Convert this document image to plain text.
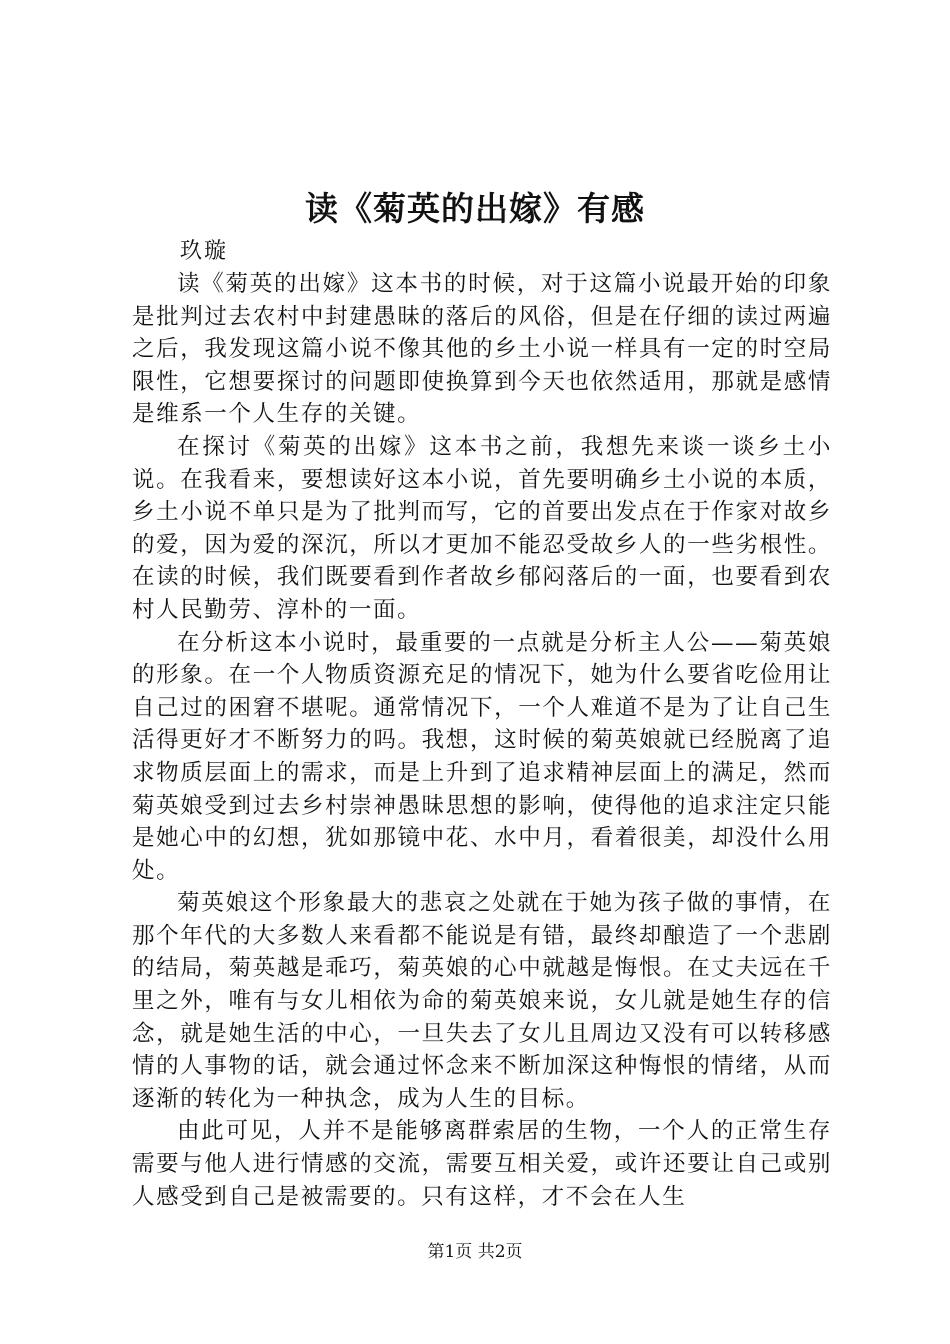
读《菊英的出嫁》有感
玖璇

读《菊英的出嫁》这本书的时候，对于这篇小说最开始的印象是批判过去农村中封建愚昧的落后的风俗，但是在仔细的读过两遍之后，我发现这篇小说不像其他的乡土小说一样具有一定的时空局限性，它想要探讨的问题即使换算到今天也依然适用，那就是感情是维系一个人生存的关键。

在探讨《菊英的出嫁》这本书之前，我想先来谈一谈乡土小说。在我看来，要想读好这本小说，首先要明确乡土小说的本质，乡土小说不单只是为了批判而写，它的首要出发点在于作家对故乡的爱，因为爱的深沉，所以才更加不能忍受故乡人的一些劣根性。在读的时候，我们既要看到作者故乡郁闷落后的一面，也要看到农村人民勤劳、淳朴的一面。

在分析这本小说时，最重要的一点就是分析主人公——菊英娘的形象。在一个人物质资源充足的情况下，她为什么要省吃俭用让自己过的困窘不堪呢。通常情况下，一个人难道不是为了让自己生活得更好才不断努力的吗。我想，这时候的菊英娘就已经脱离了追求物质层面上的需求，而是上升到了追求精神层面上的满足，然而菊英娘受到过去乡村崇神愚昧思想的影响，使得他的追求注定只能是她心中的幻想，犹如那镜中花、水中月，看着很美，却没什么用处。

菊英娘这个形象最大的悲哀之处就在于她为孩子做的事情，在那个年代的大多数人来看都不能说是有错，最终却酿造了一个悲剧的结局，菊英越是乖巧，菊英娘的心中就越是悔恨。在丈夫远在千里之外，唯有与女儿相依为命的菊英娘来说，女儿就是她生存的信念，就是她生活的中心，一旦失去了女儿且周边又没有可以转移感情的人事物的话，就会通过怀念来不断加深这种悔恨的情绪，从而逐渐的转化为一种执念，成为人生的目标。

由此可见，人并不是能够离群索居的生物，一个人的正常生存需要与他人进行情感的交流，需要互相关爱，或许还要让自己或别人感受到自己是被需要的。只有这样，才不会在人生

第1页 共2页
